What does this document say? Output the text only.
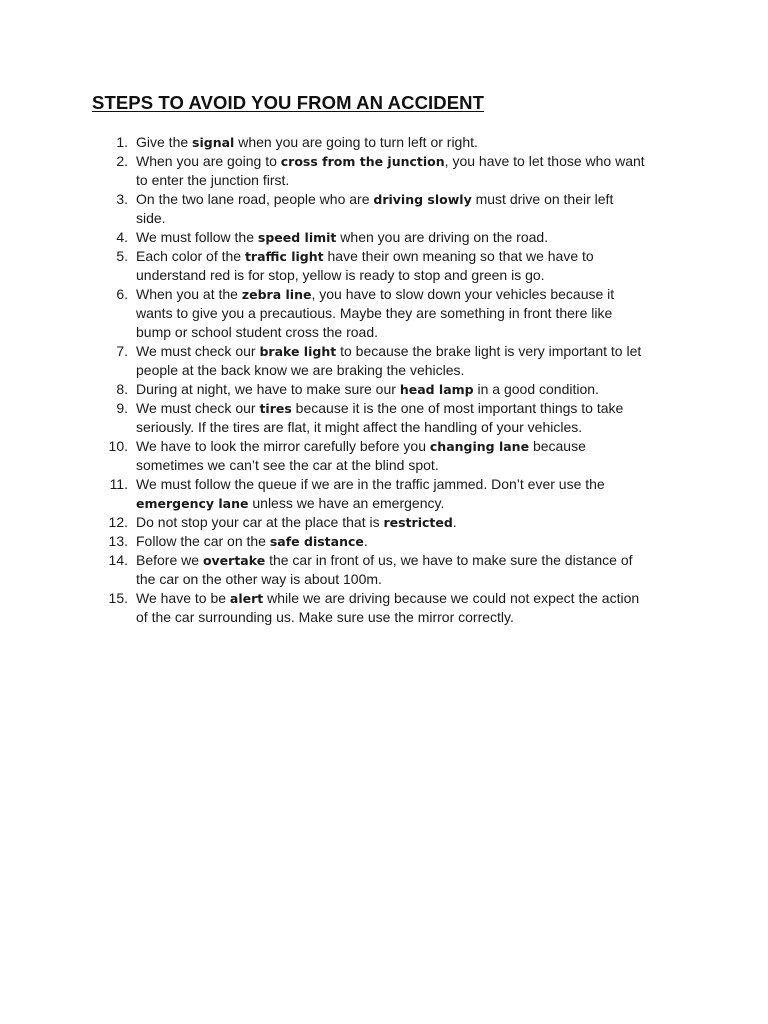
STEPS TO AVOID YOU FROM AN ACCIDENT
1. Give the signal when you are going to turn left or right.
2. When you are going to cross from the junction, you have to let those who want
to enter the junction first.
3. On the two lane road, people who are driving slowly must drive on their left
side.
4. We must follow the speed limit when you are driving on the road.
5. Each color of the traffic light have their own meaning so that we have to
understand red is for stop, yellow is ready to stop and green is go.
6. When you at the zebra line, you have to slow down your vehicles because it
wants to give you a precautious. Maybe they are something in front there like
bump or school student cross the road.
7. We must check our brake light to because the brake light is very important to let
people at the back know we are braking the vehicles.
8. During at night, we have to make sure our head lamp in a good condition.
9. We must check our tires because it is the one of most important things to take
seriously. If the tires are flat, it might affect the handling of your vehicles.
10. We have to look the mirror carefully before you changing lane because
sometimes we can’t see the car at the blind spot.
11. We must follow the queue if we are in the traffic jammed. Don’t ever use the
emergency lane unless we have an emergency.
12. Do not stop your car at the place that is restricted.
13. Follow the car on the safe distance.
14. Before we overtake the car in front of us, we have to make sure the distance of
the car on the other way is about 100m.
15. We have to be alert while we are driving because we could not expect the action
of the car surrounding us. Make sure use the mirror correctly.
